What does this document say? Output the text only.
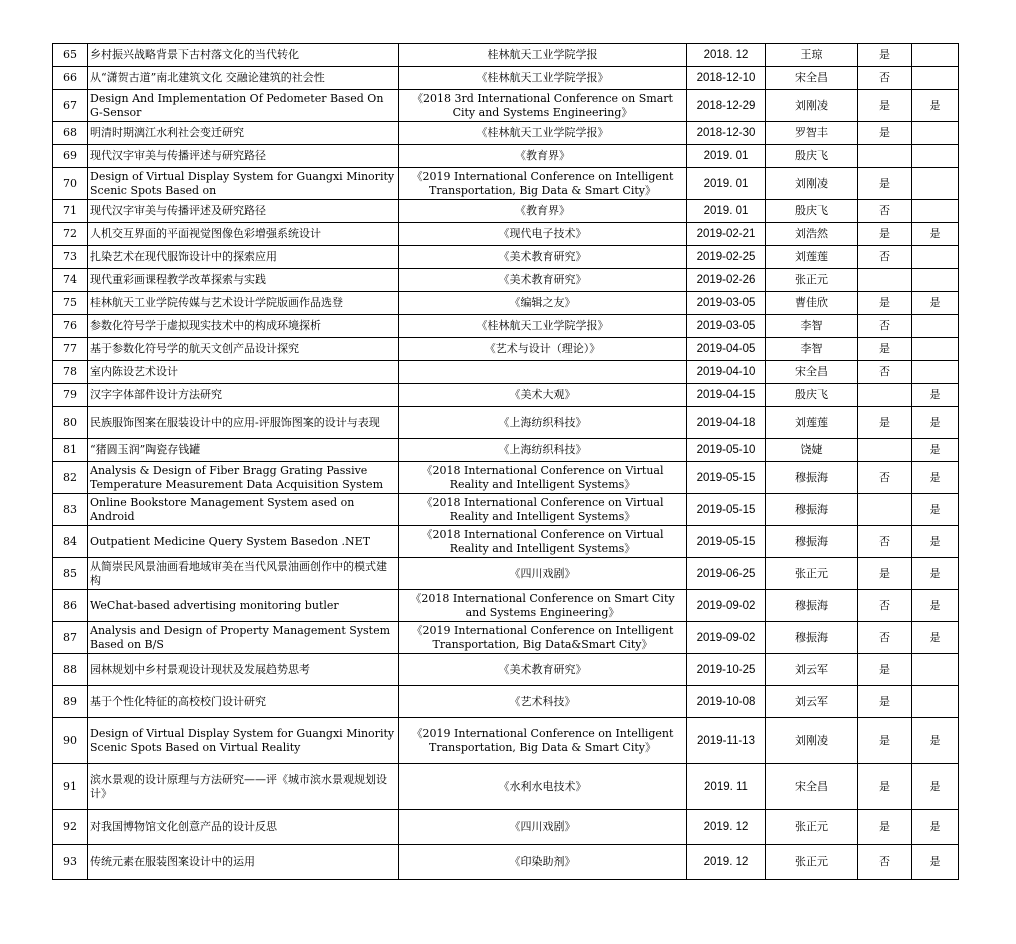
65	乡村振兴战略背景下古村落文化的当代转化	桂林航天工业学院学报	2018. 12	王琼	是	
66	从“潇贺古道”南北建筑文化 交融论建筑的社会性	《桂林航天工业学院学报》	2018-12-10	宋全昌	否	
67	Design And Implementation Of Pedometer Based On G-Sensor	《2018 3rd International Conference on Smart City and Systems Engineering》	2018-12-29	刘刚凌	是	是
68	明清时期漓江水利社会变迁研究	《桂林航天工业学院学报》	2018-12-30	罗智丰	是	
69	现代汉字审美与传播评述与研究路径	《教育界》	2019. 01	殷庆飞		
70	Design of Virtual Display System for Guangxi Minority Scenic Spots Based on	《2019 International Conference on Intelligent Transportation, Big Data & Smart City》	2019. 01	刘刚凌	是	
71	现代汉字审美与传播评述及研究路径	《教育界》	2019. 01	殷庆飞	否	
72	人机交互界面的平面视觉图像色彩增强系统设计	《现代电子技术》	2019-02-21	刘浩然	是	是
73	扎染艺术在现代服饰设计中的探索应用	《美术教育研究》	2019-02-25	刘莲莲	否	
74	现代重彩画课程教学改革探索与实践	《美术教育研究》	2019-02-26	张正元		
75	桂林航天工业学院传媒与艺术设计学院版画作品选登	《编辑之友》	2019-03-05	曹佳欣	是	是
76	参数化符号学于虚拟现实技术中的构成环境探析	《桂林航天工业学院学报》	2019-03-05	李智	否	
77	基于参数化符号学的航天文创产品设计探究	《艺术与设计（理论）》	2019-04-05	李智	是	
78	室内陈设艺术设计		2019-04-10	宋全昌	否	
79	汉字字体部件设计方法研究	《美术大观》	2019-04-15	殷庆飞		是
80	民族服饰图案在服装设计中的应用-评服饰图案的设计与表现	《上海纺织科技》	2019-04-18	刘莲莲	是	是
81	“猪圆玉润”陶瓷存钱罐	《上海纺织科技》	2019-05-10	饶婕		是
82	Analysis & Design of Fiber Bragg Grating Passive Temperature Measurement Data Acquisition System	《2018 International Conference on Virtual Reality and Intelligent Systems》	2019-05-15	穆振海	否	是
83	Online Bookstore Management System ased on Android	《2018 International Conference on Virtual Reality and Intelligent Systems》	2019-05-15	穆振海		是
84	Outpatient Medicine Query System Basedon .NET	《2018 International Conference on Virtual Reality and Intelligent Systems》	2019-05-15	穆振海	否	是
85	从简崇民风景油画看地域审美在当代风景油画创作中的模式建构	《四川戏剧》	2019-06-25	张正元	是	是
86	WeChat-based advertising monitoring butler	《2018 International Conference on Smart City and Systems Engineering》	2019-09-02	穆振海	否	是
87	Analysis and Design of Property Management System Based on B/S	《2019 International Conference on Intelligent Transportation, Big Data&Smart City》	2019-09-02	穆振海	否	是
88	园林规划中乡村景观设计现状及发展趋势思考	《美术教育研究》	2019-10-25	刘云军	是	
89	基于个性化特征的高校校门设计研究	《艺术科技》	2019-10-08	刘云军	是	
90	Design of Virtual Display System for Guangxi Minority Scenic Spots Based on Virtual Reality	《2019 International Conference on Intelligent Transportation, Big Data & Smart City》	2019-11-13	刘刚凌	是	是
91	滨水景观的设计原理与方法研究——评《城市滨水景观规划设计》	《水利水电技术》	2019. 11	宋全昌	是	是
92	对我国博物馆文化创意产品的设计反思	《四川戏剧》	2019. 12	张正元	是	是
93	传统元素在服装图案设计中的运用	《印染助剂》	2019. 12	张正元	否	是
